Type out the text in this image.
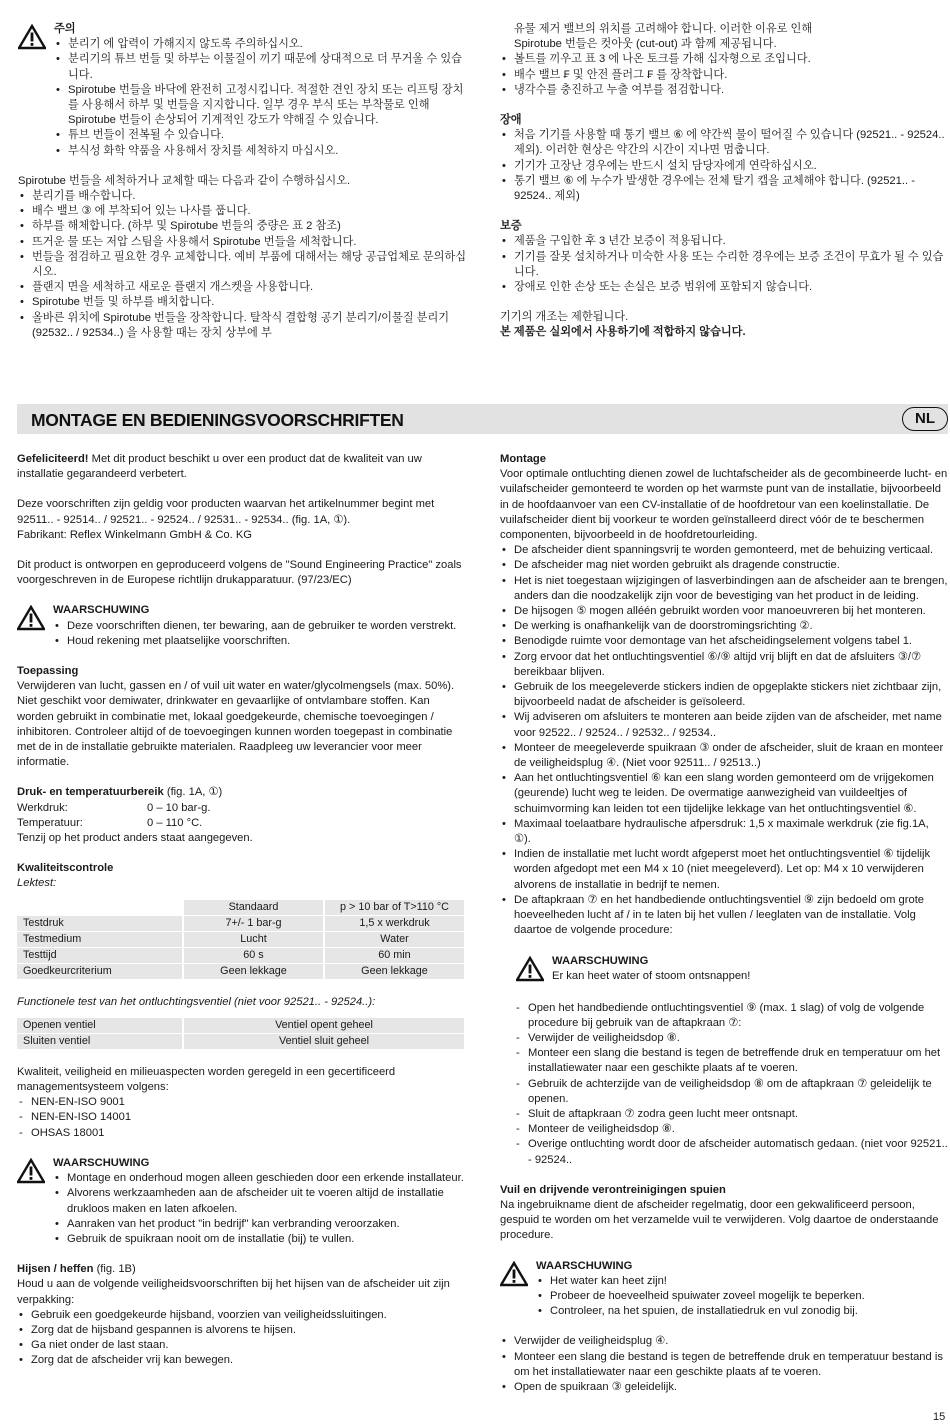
주의
• 분리기 에 압력이 가해지지 않도록 주의하십시오.
• 분리기의 튜브 번들 및 하부는 이물질이 끼기 때문에 상대적으로 더 무거울 수 있습니다.
• Spirotube 번들을 바닥에 완전히 고정시킵니다. 적절한 견인 장치 또는 리프팅 장치를 사용해서 하부 및 번들을 지지합니다. 일부 경우 부식 또는 부착물로 인해 Spirotube 번들이 손상되어 기계적인 강도가 약해질 수 있습니다.
• 튜브 번들이 전복될 수 있습니다.
• 부식성 화학 약품을 사용해서 장치를 세척하지 마십시오.

Spirotube 번들을 세척하거나 교체할 때는 다음과 같이 수행하십시오.

• 분리기를 배수합니다.
• 배수 밸브 ③ 에 부착되어 있는 나사를 풉니다.
• 하부를 해체합니다. (하부 및 Spirotube 번들의 중량은 표 2 참조)
• 뜨거운 물 또는 저압 스팀을 사용해서 Spirotube 번들을 세척합니다.
• 번들을 점검하고 필요한 경우 교체합니다. 예비 부품에 대해서는 해당 공급업체로 문의하십시오.
• 플랜지 면을 세척하고 새로운 플랜지 개스켓을 사용합니다.
• Spirotube 번들 및 하부를 배치합니다.
• 올바른 위치에 Spirotube 번들을 장착합니다. 탈착식 결합형 공기 분리기/이물질 분리기 (92532.. / 92534..) 을 사용할 때는 장치 상부에 부
유물 제거 밸브의 위치를 고려해야 합니다. 이러한 이유로 인해
Spirotube 번들은 컷아웃 (cut-out) 과 함께 제공됩니다.
• 볼트를 끼우고 표 3 에 나온 토크를 가해 십자형으로 조입니다.
• 배수 밸브 ₣ 및 안전 플러그 ₣ 를 장착합니다.
• 냉각수를 충진하고 누출 여부를 점검합니다.

장애

• 처음 기기를 사용할 때 통기 밸브 ⑥ 에 약간씩 물이 떨어질 수 있습니다 (92521.. - 92524.. 제외). 이러한 현상은 약간의 시간이 지나면 멈춥니다.
• 기기가 고장난 경우에는 반드시 설치 담당자에게 연락하십시오.
• 통기 밸브 ⑥ 에 누수가 발생한 경우에는 전체 탈기 캡을 교체해야 합니다. (92521.. - 92524.. 제외)

보증

• 제품을 구입한 후 3 년간 보증이 적용됩니다.
• 기기를 잘못 설치하거나 미숙한 사용 또는 수리한 경우에는 보증 조건이 무효가 될 수 있습니다.
• 장애로 인한 손상 또는 손실은 보증 범위에 포함되지 않습니다.

기기의 개조는 제한됩니다.

본 제품은 실외에서 사용하기에 적합하지 않습니다.

MONTAGE EN BEDIENINGSVOORSCHRIFTEN	NL

Gefeliciteerd! Met dit product beschikt u over een product dat de kwaliteit van uw installatie gegarandeerd verbetert.

Deze voorschriften zijn geldig voor producten waarvan het artikelnummer begint met 92511.. - 92514.. / 92521.. - 92524.. / 92531.. - 92534.. (fig. 1A, ①).

Fabrikant: Reflex Winkelmann GmbH & Co. KG

Dit product is ontworpen en geproduceerd volgens de "Sound Engineering Practice" zoals voorgeschreven in de Europese richtlijn drukapparatuur. (97/23/EC)

WAARSCHUWING
• Deze voorschriften dienen, ter bewaring, aan de gebruiker te worden verstrekt.
• Houd rekening met plaatselijke voorschriften.

Toepassing

Verwijderen van lucht, gassen en / of vuil uit water en water/glycolmengsels (max. 50%). Niet geschikt voor demiwater, drinkwater en gevaarlijke of ontvlambare stoffen. Kan worden gebruikt in combinatie met, lokaal goedgekeurde, chemische toevoegingen / inhibitoren. Controleer altijd of de toevoegingen kunnen worden toegepast in combinatie met de in de installatie gebruikte materialen. Raadpleeg uw leverancier voor meer informatie.

Druk- en temperatuurbereik (fig. 1A, ①)

Werkdruk:	0 – 10 bar-g.

Temperatuur:	0 – 110 °C.

Tenzij op het product anders staat aangegeven.

Kwaliteitscontrole

Lektest:

	Standaard	p > 10 bar of T>110 °C
Testdruk	7+/- 1 bar-g	1,5 x werkdruk
Testmedium	Lucht	Water
Testtijd	60 s	60 min
Goedkeurcriterium	Geen lekkage	Geen lekkage

Functionele test van het ontluchtingsventiel (niet voor 92521.. - 92524..):

Openen ventiel	Ventiel opent geheel
Sluiten ventiel	Ventiel sluit geheel

Kwaliteit, veiligheid en milieuaspecten worden geregeld in een gecertificeerd managementsysteem volgens:

- NEN-EN-ISO 9001
- NEN-EN-ISO 14001
- OHSAS 18001
WAARSCHUWING
• Montage en onderhoud mogen alleen geschieden door een erkende installateur.
• Alvorens werkzaamheden aan de afscheider uit te voeren altijd de installatie drukloos maken en laten afkoelen.
• Aanraken van het product "in bedrijf" kan verbranding veroorzaken.
• Gebruik de spuikraan nooit om de installatie (bij) te vullen.

Hijsen / heffen (fig. 1B)

Houd u aan de volgende veiligheidsvoorschriften bij het hijsen van de afscheider uit zijn verpakking:

• Gebruik een goedgekeurde hijsband, voorzien van veiligheidssluitingen.
• Zorg dat de hijsband gespannen is alvorens te hijsen.
• Ga niet onder de last staan.
• Zorg dat de afscheider vrij kan bewegen.

Montage

Voor optimale ontluchting dienen zowel de luchtafscheider als de gecombineerde lucht- en vuilafscheider gemonteerd te worden op het warmste punt van de installatie, bijvoorbeeld in de hoofdaanvoer van een CV-installatie of de hoofdretour van een koelinstallatie. De vuilafscheider dient bij voorkeur te worden geïnstalleerd direct vóór de te beschermen componenten, bijvoorbeeld in de hoofdretourleiding.

• De afscheider dient spanningsvrij te worden gemonteerd, met de behuizing verticaal.
• De afscheider mag niet worden gebruikt als dragende constructie.
• Het is niet toegestaan wijzigingen of lasverbindingen aan de afscheider aan te brengen, anders dan die noodzakelijk zijn voor de bevestiging van het product in de leiding.
• De hijsogen ⑤ mogen alléén gebruikt worden voor manoeuvreren bij het monteren.
• De werking is onafhankelijk van de doorstromingsrichting ②.
• Benodigde ruimte voor demontage van het afscheidingselement volgens tabel 1.
• Zorg ervoor dat het ontluchtingsventiel ⑥/⑨ altijd vrij blijft en dat de afsluiters ③/⑦ bereikbaar blijven.
• Gebruik de los meegeleverde stickers indien de opgeplakte stickers niet zichtbaar zijn, bijvoorbeeld nadat de afscheider is geïsoleerd.
• Wij adviseren om afsluiters te monteren aan beide zijden van de afscheider, met name voor 92522.. / 92524.. / 92532.. / 92534..
• Monteer de meegeleverde spuikraan ③ onder de afscheider, sluit de kraan en monteer de veiligheidsplug ④. (Niet voor 92511.. / 92513..)
• Aan het ontluchtingsventiel ⑥ kan een slang worden gemonteerd om de vrijgekomen (geurende) lucht weg te leiden. De overmatige aanwezigheid van vuildeeltjes of schuimvorming kan leiden tot een tijdelijke lekkage van het ontluchtingsventiel ⑥.
• Maximaal toelaatbare hydraulische afpersdruk: 1,5 x maximale werkdruk (zie fig.1A, ①).
• Indien de installatie met lucht wordt afgeperst moet het ontluchtingsventiel ⑥ tijdelijk worden afgedopt met een M4 x 10 (niet meegeleverd). Let op: M4 x 10 verwijderen alvorens de installatie in bedrijf te nemen.
• De aftapkraan ⑦ en het handbediende ontluchtingsventiel ⑨ zijn bedoeld om grote hoeveelheden lucht af / in te laten bij het vullen / leeglaten van de installatie. Volg daartoe de volgende procedure:
WAARSCHUWING

Er kan heet water of stoom ontsnappen!

- Open het handbediende ontluchtingsventiel ⑨ (max. 1 slag) of volg de volgende procedure bij gebruik van de aftapkraan ⑦:
- Verwijder de veiligheidsdop ⑧.
- Monteer een slang die bestand is tegen de betreffende druk en temperatuur om het installatiewater naar een geschikte plaats af te voeren.
- Gebruik de achterzijde van de veiligheidsdop ⑧ om de aftapkraan ⑦ geleidelijk te openen.
- Sluit de aftapkraan ⑦ zodra geen lucht meer ontsnapt.
- Monteer de veiligheidsdop ⑧.
- Overige ontluchting wordt door de afscheider automatisch gedaan. (niet voor 92521.. - 92524..

Vuil en drijvende verontreinigingen spuien

Na ingebruikname dient de afscheider regelmatig, door een gekwalificeerd persoon, gespuid te worden om het verzamelde vuil te verwijderen. Volg daartoe de onderstaande procedure.

WAARSCHUWING
• Het water kan heet zijn!
• Probeer de hoeveelheid spuiwater zoveel mogelijk te beperken.
• Controleer, na het spuien, de installatiedruk en vul zonodig bij.
• Verwijder de veiligheidsplug ④.
• Monteer een slang die bestand is tegen de betreffende druk en temperatuur bestand is om het installatiewater naar een geschikte plaats af te voeren.
• Open de spuikraan ③ geleidelijk.
15
